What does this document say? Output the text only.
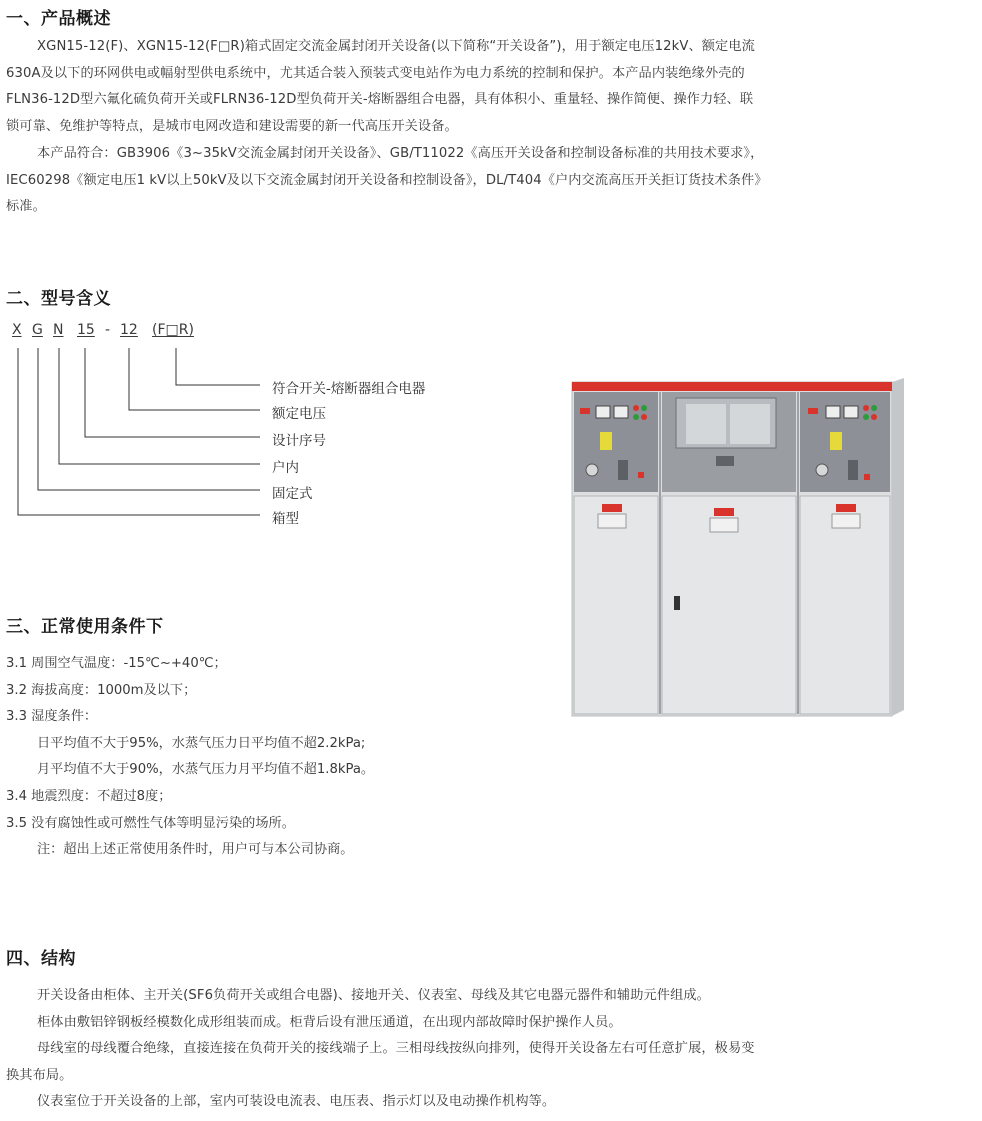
一、产品概述
XGN15-12(F)、XGN15-12(F□R)箱式固定交流金属封闭开关设备(以下简称“开关设备”)，用于额定电压12kV、额定电流
630A及以下的环网供电或幅射型供电系统中，尤其适合装入预装式变电站作为电力系统的控制和保护。本产品内装绝缘外壳的
FLN36-12D型六氟化硫负荷开关或FLRN36-12D型负荷开关-熔断器组合电器，具有体积小、重量轻、操作简便、操作力轻、联
锁可靠、免维护等特点，是城市电网改造和建设需要的新一代高压开关设备。
本产品符合：GB3906《3~35kV交流金属封闭开关设备》、GB/T11022《高压开关设备和控制设备标准的共用技术要求》，
IEC60298《额定电压1 kV以上50kV及以下交流金属封闭开关设备和控制设备》，DL/T404《户内交流高压开关拒订货技术条件》
标准。
二、型号含义
X G N 15 - 12 (F□R)
符合开关-熔断器组合电器
额定电压
设计序号
户内
固定式
箱型
三、正常使用条件下
3.1 周围空气温度：-15℃~+40℃；
3.2 海拔高度：1000m及以下；
3.3 湿度条件：
日平均值不大于95%，水蒸气压力日平均值不超2.2kPa;
月平均值不大于90%，水蒸气压力月平均值不超1.8kPa。
3.4 地震烈度：不超过8度；
3.5 没有腐蚀性或可燃性气体等明显污染的场所。
注：超出上述正常使用条件时，用户可与本公司协商。
四、结构
开关设备由柜体、主开关(SF6负荷开关或组合电器)、接地开关、仪表室、母线及其它电器元器件和辅助元件组成。
柜体由敷铝锌钢板经模数化成形组装而成。柜背后设有泄压通道，在出现内部故障时保护操作人员。
母线室的母线覆合绝缘，直接连接在负荷开关的接线端子上。三相母线按纵向排列，使得开关设备左右可任意扩展，极易变
换其布局。
仪表室位于开关设备的上部，室内可装设电流表、电压表、指示灯以及电动操作机构等。
